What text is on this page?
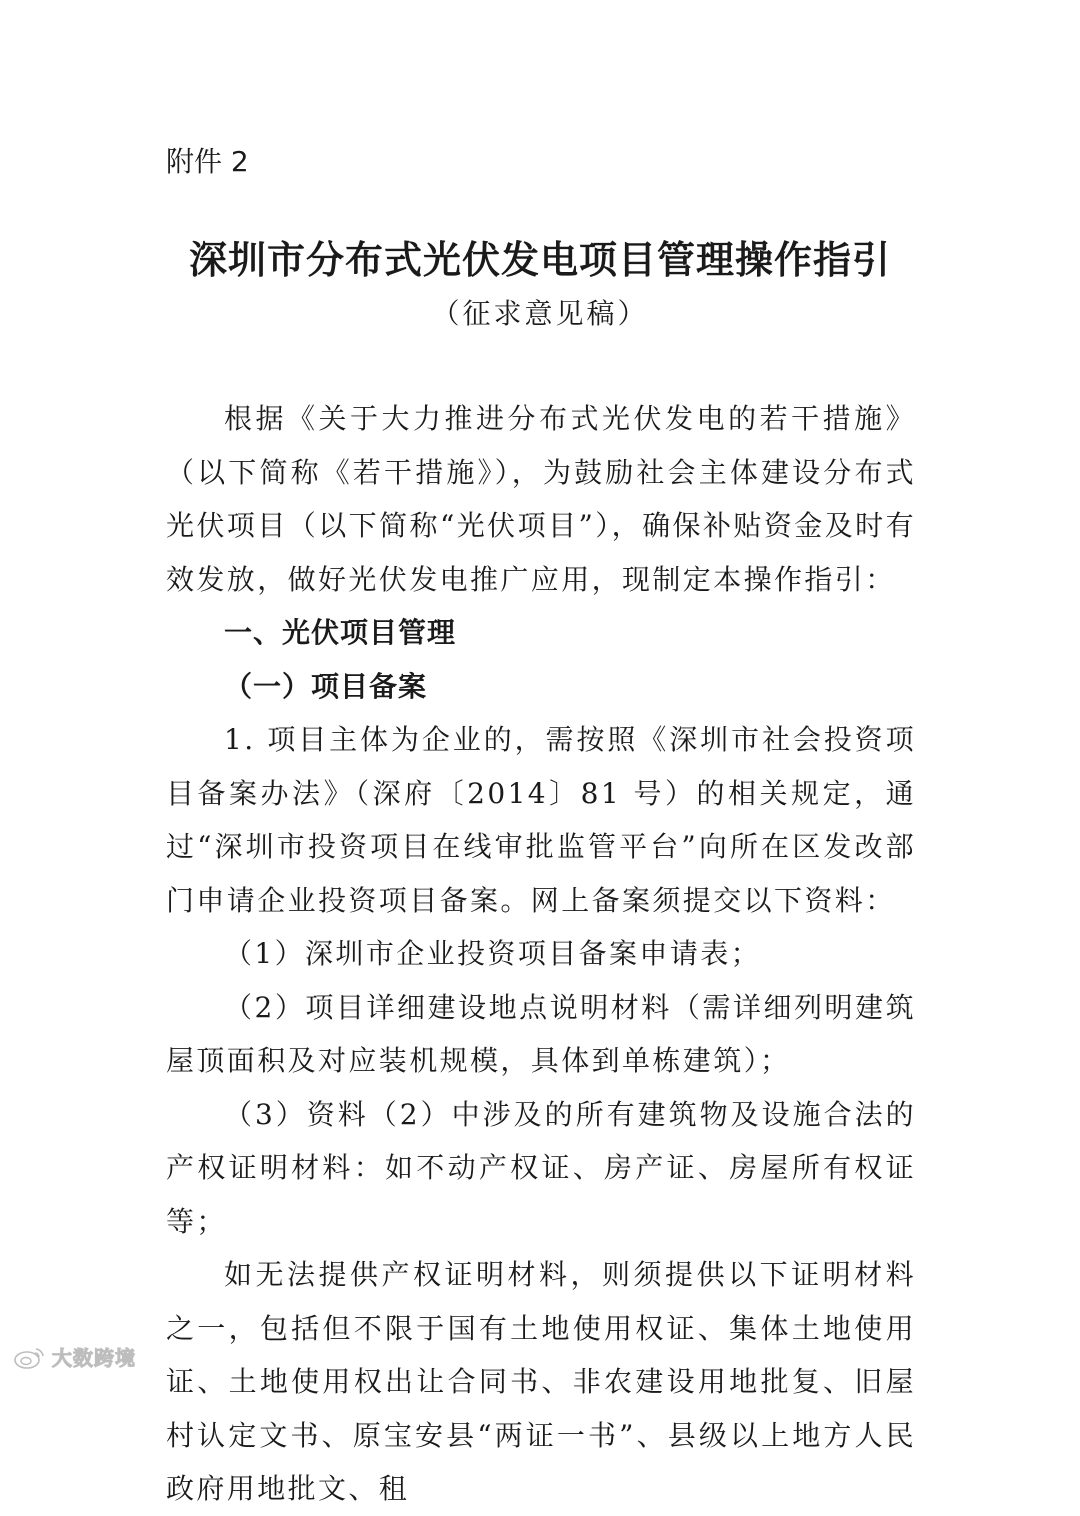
附件 2
深圳市分布式光伏发电项目管理操作指引
（征求意见稿）

根据《关于大力推进分布式光伏发电的若干措施》（以下简称《若干措施》），为鼓励社会主体建设分布式光伏项目（以下简称“光伏项目”），确保补贴资金及时有效发放，做好光伏发电推广应用，现制定本操作指引：

一、光伏项目管理

（一）项目备案

1. 项目主体为企业的，需按照《深圳市社会投资项目备案办法》（深府〔2014〕81 号）的相关规定，通过“深圳市投资项目在线审批监管平台”向所在区发改部门申请企业投资项目备案。网上备案须提交以下资料：

（1）深圳市企业投资项目备案申请表；

（2）项目详细建设地点说明材料（需详细列明建筑屋顶面积及对应装机规模，具体到单栋建筑）；

（3）资料（2）中涉及的所有建筑物及设施合法的产权证明材料：如不动产权证、房产证、房屋所有权证等；

如无法提供产权证明材料，则须提供以下证明材料之一，包括但不限于国有土地使用权证、集体土地使用证、土地使用权出让合同书、非农建设用地批复、旧屋村认定文书、原宝安县“两证一书”、县级以上地方人民政府用地批文、租

大数跨境
